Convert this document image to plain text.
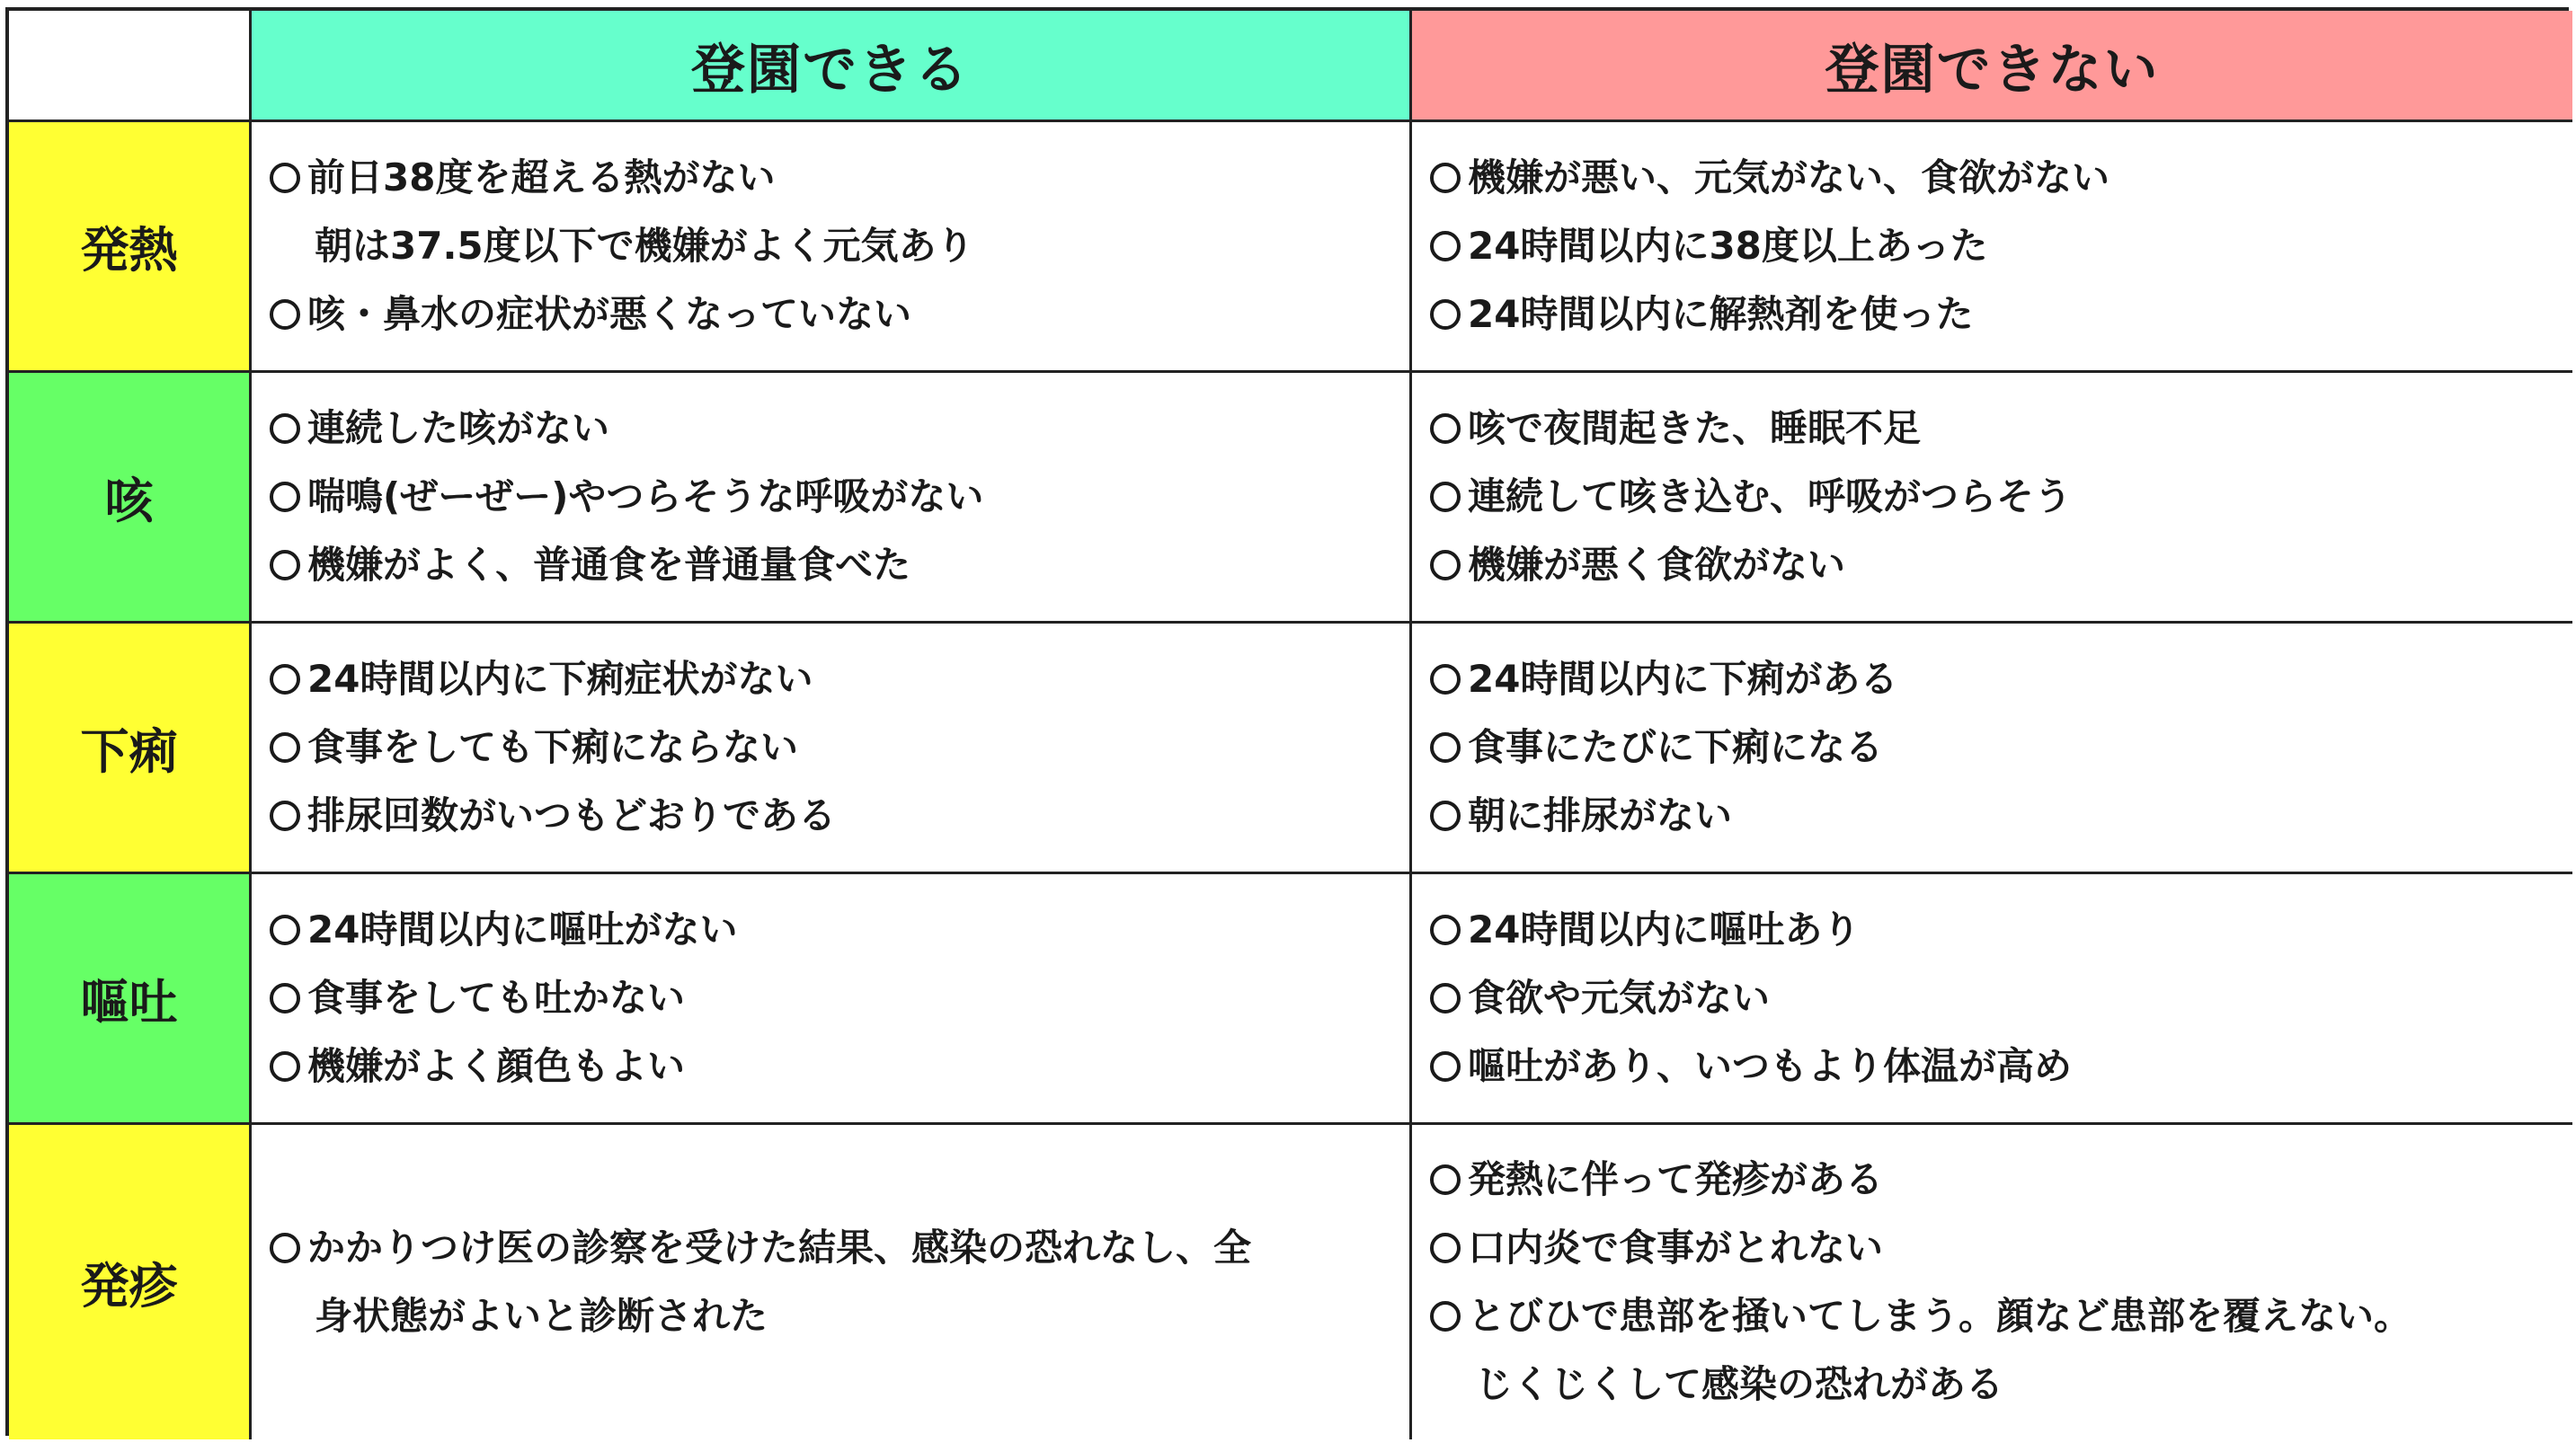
登園できる	登園できない
発熱
前日38度を超える熱がない
朝は37.5度以下で機嫌がよく元気あり
咳・鼻水の症状が悪くなっていない
機嫌が悪い、元気がない、食欲がない
24時間以内に38度以上あった
24時間以内に解熱剤を使った
咳
連続した咳がない
喘鳴(ぜーぜー)やつらそうな呼吸がない
機嫌がよく、普通食を普通量食べた
咳で夜間起きた、睡眠不足
連続して咳き込む、呼吸がつらそう
機嫌が悪く食欲がない
下痢
24時間以内に下痢症状がない
食事をしても下痢にならない
排尿回数がいつもどおりである
24時間以内に下痢がある
食事にたびに下痢になる
朝に排尿がない
嘔吐
24時間以内に嘔吐がない
食事をしても吐かない
機嫌がよく顔色もよい
24時間以内に嘔吐あり
食欲や元気がない
嘔吐があり、いつもより体温が高め
発疹
かかりつけ医の診察を受けた結果、感染の恐れなし、全
身状態がよいと診断された
発熱に伴って発疹がある
口内炎で食事がとれない
とびひで患部を掻いてしまう。顔など患部を覆えない。
じくじくして感染の恐れがある
